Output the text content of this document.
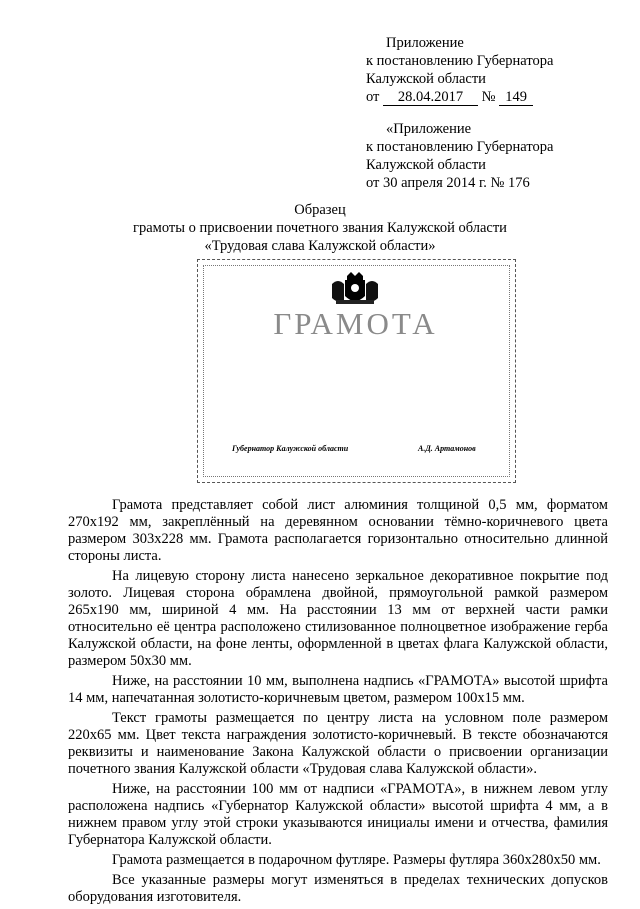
Приложение
к постановлению Губернатора
Калужской области
от 28.04.2017 № 149
«Приложение
к постановлению Губернатора
Калужской области
от 30 апреля 2014 г. № 176
Образец
грамоты о присвоении почетного звания Калужской области
«Трудовая слава Калужской области»
ГРАМОТА
Губернатор Калужской области	А.Д. Артамонов

Грамота представляет собой лист алюминия толщиной 0,5 мм, форматом 270х192 мм, закреплённый на деревянном основании тёмно-коричневого цвета размером 303х228 мм. Грамота располагается горизонтально относительно длинной стороны листа.

На лицевую сторону листа нанесено зеркальное декоративное покрытие под золото. Лицевая сторона обрамлена двойной, прямоугольной рамкой размером 265х190 мм, шириной 4 мм. На расстоянии 13 мм от верхней части рамки относительно её центра расположено стилизованное полноцветное изображение герба Калужской области, на фоне ленты, оформленной в цветах флага Калужской области, размером 50х30 мм.

Ниже, на расстоянии 10 мм, выполнена надпись «ГРАМОТА» высотой шрифта 14 мм, напечатанная золотисто-коричневым цветом, размером 100х15 мм.

Текст грамоты размещается по центру листа на условном поле размером 220х65 мм. Цвет текста награждения золотисто-коричневый. В тексте обозначаются реквизиты и наименование Закона Калужской области о присвоении организации почетного звания Калужской области «Трудовая слава Калужской области».

Ниже, на расстоянии 100 мм от надписи «ГРАМОТА», в нижнем левом углу расположена надпись «Губернатор Калужской области» высотой шрифта 4 мм, а в нижнем правом углу этой строки указываются инициалы имени и отчества, фамилия Губернатора Калужской области.

Грамота размещается в подарочном футляре. Размеры футляра 360х280х50 мм.

Все указанные размеры могут изменяться в пределах технических допусков оборудования изготовителя.
